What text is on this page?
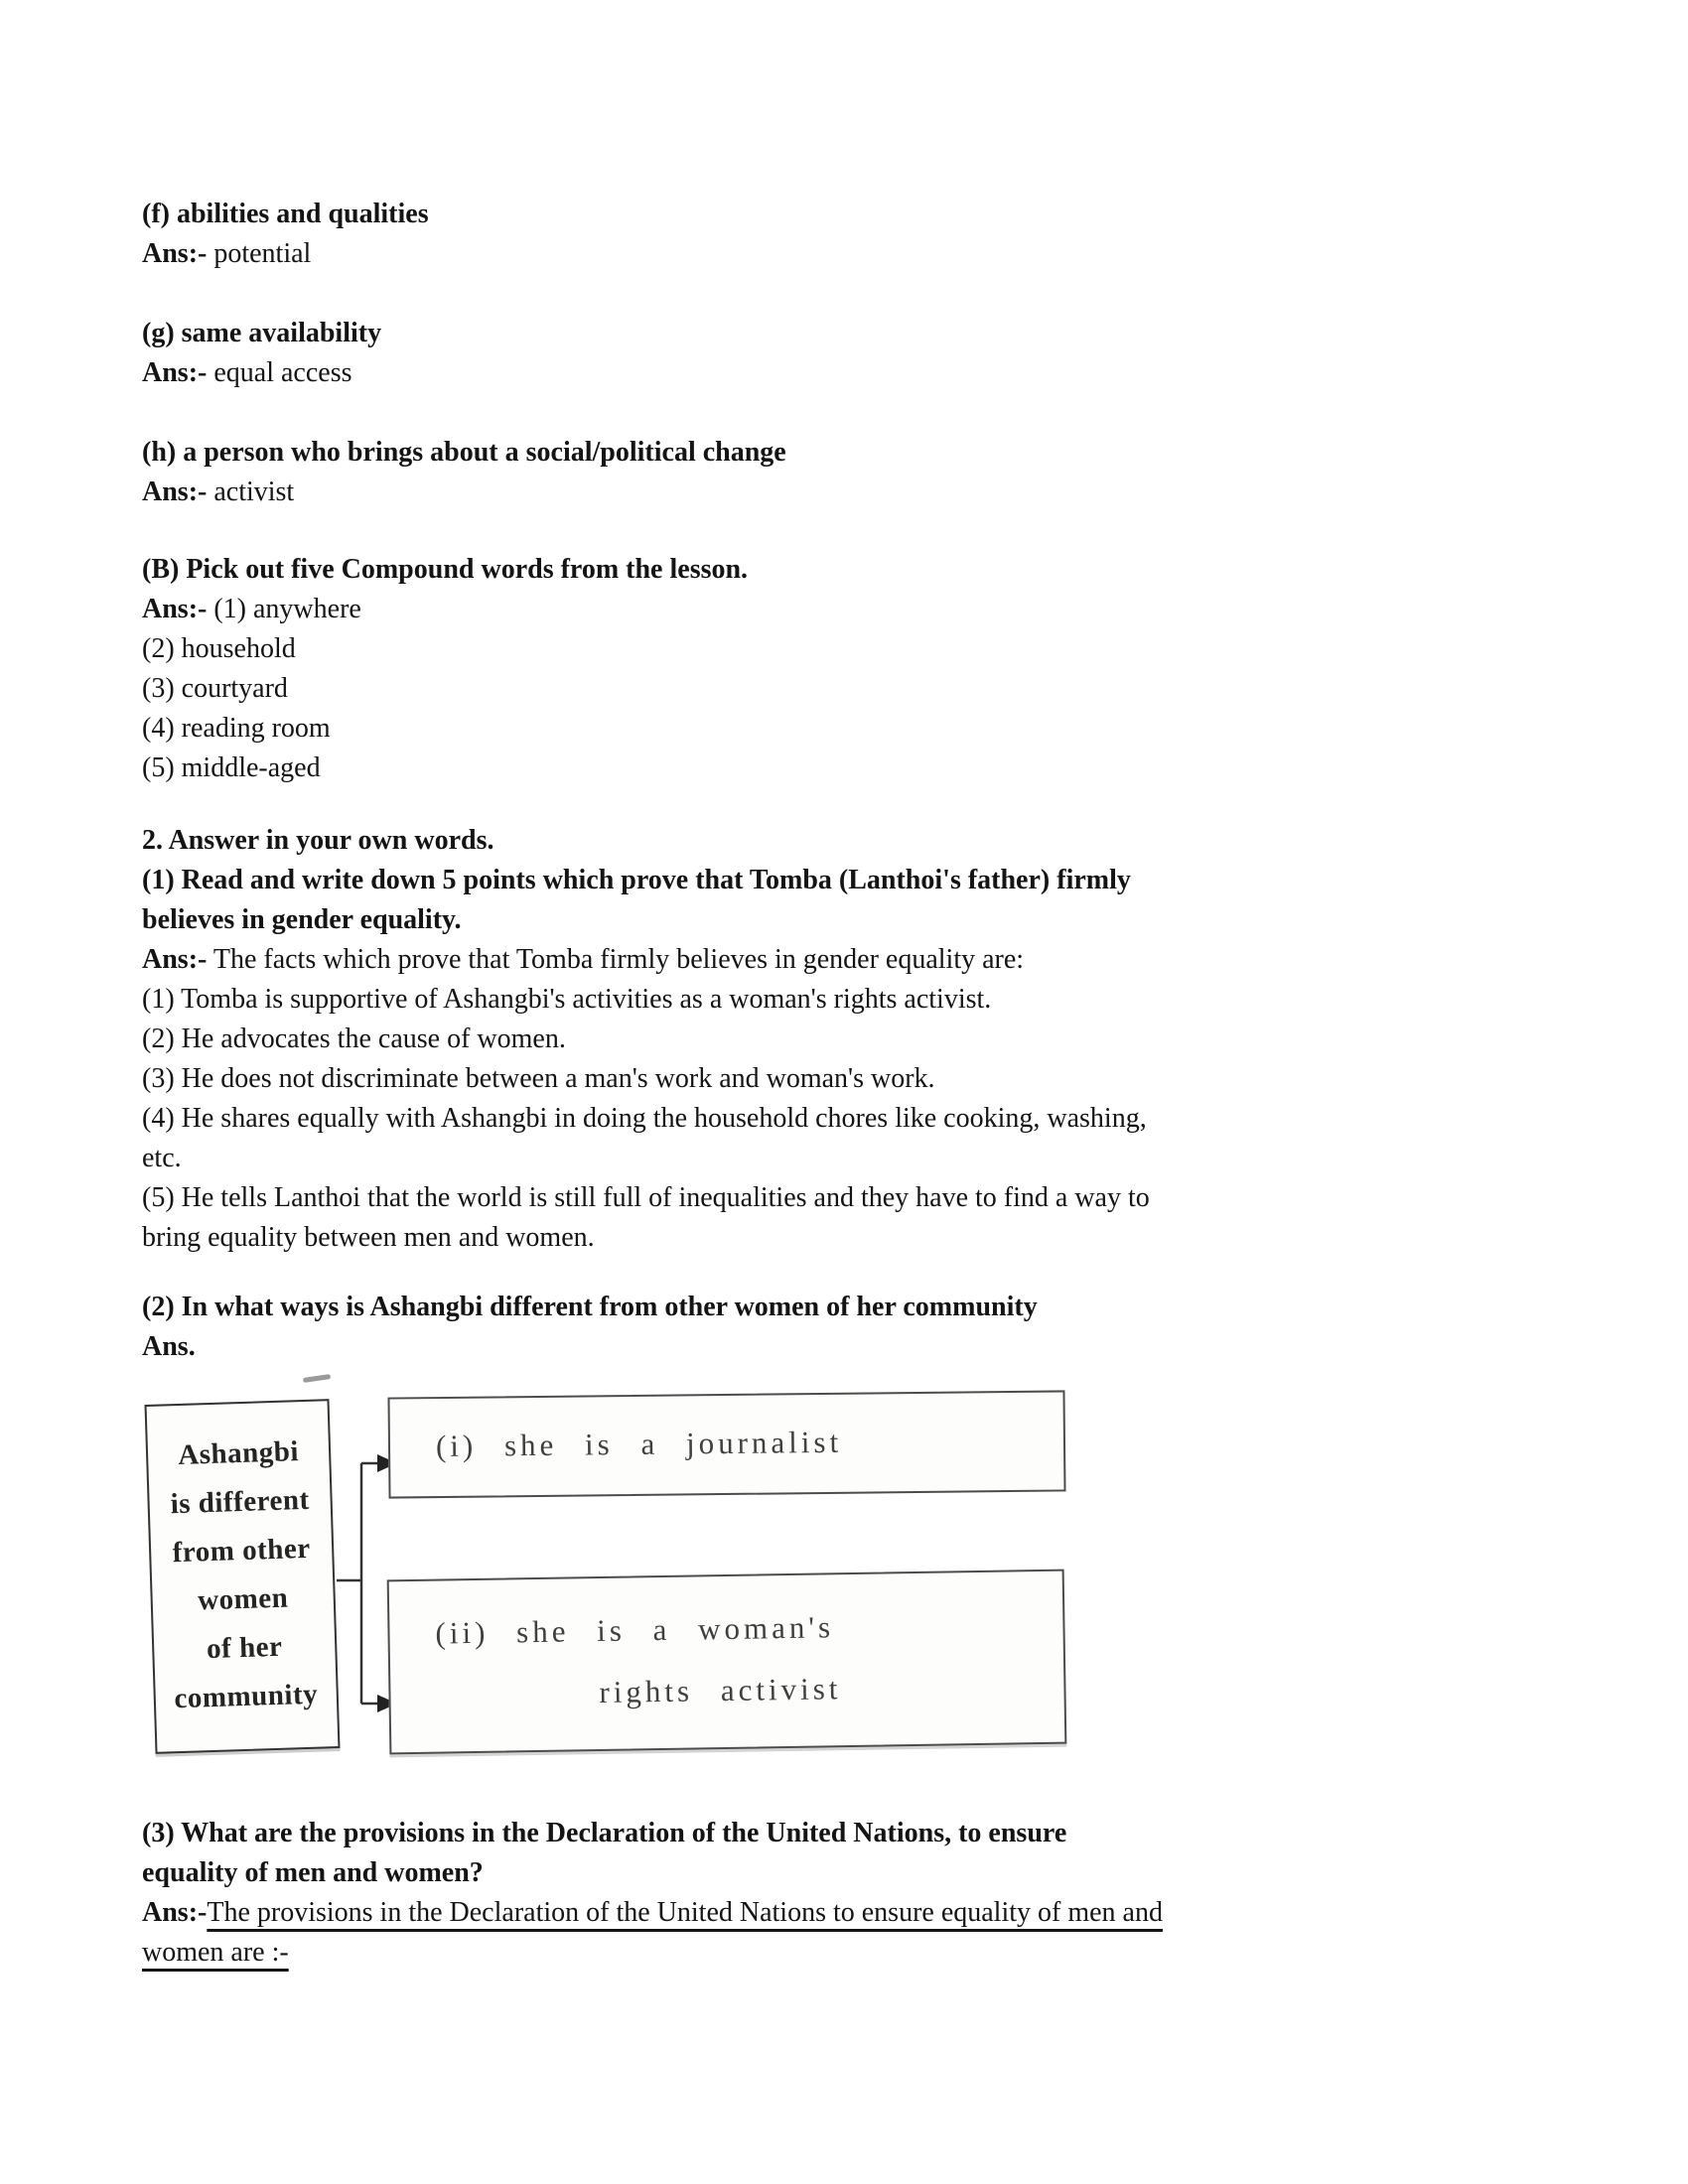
(f) abilities and qualities
Ans:- potential
(g) same availability
Ans:- equal access
(h) a person who brings about a social/political change
Ans:- activist
(B) Pick out five Compound words from the lesson.
Ans:- (1) anywhere
(2) household
(3) courtyard
(4) reading room
(5) middle-aged
2. Answer in your own words.
(1) Read and write down 5 points which prove that Tomba (Lanthoi's father) firmly
believes in gender equality.
Ans:- The facts which prove that Tomba firmly believes in gender equality are:
(1) Tomba is supportive of Ashangbi's activities as a woman's rights activist.
(2) He advocates the cause of women.
(3) He does not discriminate between a man's work and woman's work.
(4) He shares equally with Ashangbi in doing the household chores like cooking, washing,
etc.
(5) He tells Lanthoi that the world is still full of inequalities and they have to find a way to
bring equality between men and women.
(2) In what ways is Ashangbi different from other women of her community
Ans.
Ashangbi
is different
from other
women
of her
community
(i) she is a journalist
(ii) she is a woman's
rights activist
(3) What are the provisions in the Declaration of the United Nations, to ensure
equality of men and women?
Ans:-The provisions in the Declaration of the United Nations to ensure equality of men and
women are :-
